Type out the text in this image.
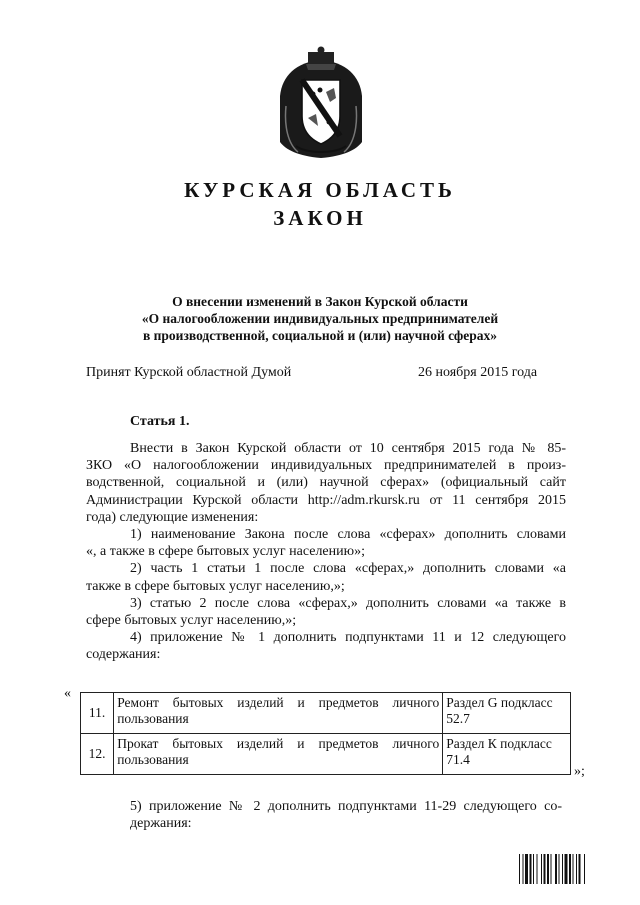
КУРСКАЯ ОБЛАСТЬ
ЗАКОН
О внесении изменений в Закон Курской области
«О налогообложении индивидуальных предпринимателей
в производственной, социальной и (или) научной сферах»
Принят Курской областной Думой	26 ноября 2015 года
Статья 1.
Внести в Закон Курской области от 10 сентября 2015 года № 85-
ЗКО «О налогообложении индивидуальных предпринимателей в произ-
водственной, социальной и (или) научной сферах» (официальный сайт
Администрации Курской области http://adm.rkursk.ru от 11 сентября 2015
года) следующие изменения:
1) наименование Закона после слова «сферах» дополнить словами
«, а также в сфере бытовых услуг населению»;
2) часть 1 статьи 1 после слова «сферах,» дополнить словами «а
также в сфере бытовых услуг населению,»;
3) статью 2 после слова «сферах,» дополнить словами «а также в
сфере бытовых услуг населению,»;
4) приложение № 1 дополнить подпунктами 11 и 12 следующего
содержания:
«
11.	Ремонт бытовых изделий и предметов личного пользования	Раздел G подкласс 52.7
12.	Прокат бытовых изделий и предметов личного пользования	Раздел К подкласс 71.4
»;
5) приложение № 2 дополнить подпунктами 11-29 следующего со-
держания:
